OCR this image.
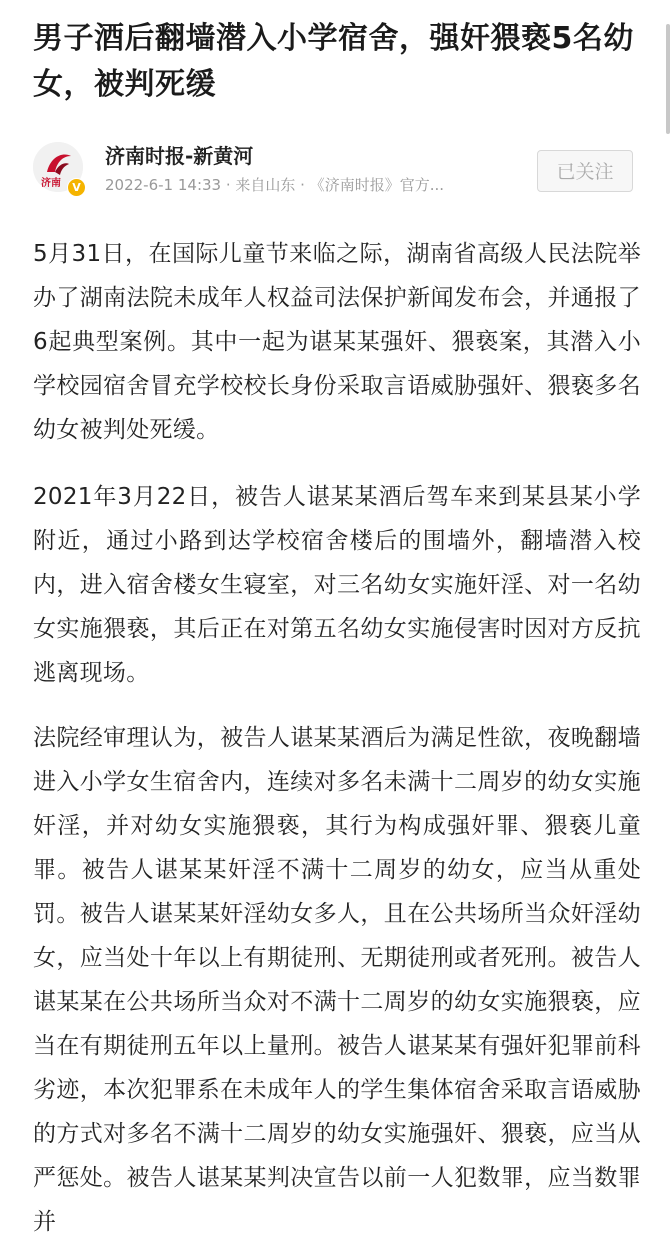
男子酒后翻墙潜入小学宿舍，强奸猥亵5名幼女，被判死缓
济南	V
济南时报-新黄河
2022-6-1 14:33 · 来自山东 · 《济南时报》官方...
已关注

5月31日，在国际儿童节来临之际，湖南省高级人民法院举办了湖南法院未成年人权益司法保护新闻发布会，并通报了6起典型案例。其中一起为谌某某强奸、猥亵案，其潜入小学校园宿舍冒充学校校长身份采取言语威胁强奸、猥亵多名幼女被判处死缓。

2021年3月22日，被告人谌某某酒后驾车来到某县某小学附近，通过小路到达学校宿舍楼后的围墙外，翻墙潜入校内，进入宿舍楼女生寝室，对三名幼女实施奸淫、对一名幼女实施猥亵，其后正在对第五名幼女实施侵害时因对方反抗逃离现场。

法院经审理认为，被告人谌某某酒后为满足性欲，夜晚翻墙进入小学女生宿舍内，连续对多名未满十二周岁的幼女实施奸淫，并对幼女实施猥亵，其行为构成强奸罪、猥亵儿童罪。被告人谌某某奸淫不满十二周岁的幼女，应当从重处罚。被告人谌某某奸淫幼女多人，且在公共场所当众奸淫幼女，应当处十年以上有期徒刑、无期徒刑或者死刑。被告人谌某某在公共场所当众对不满十二周岁的幼女实施猥亵，应当在有期徒刑五年以上量刑。被告人谌某某有强奸犯罪前科劣迹，本次犯罪系在未成年人的学生集体宿舍采取言语威胁的方式对多名不满十二周岁的幼女实施强奸、猥亵，应当从严惩处。被告人谌某某判决宣告以前一人犯数罪，应当数罪并
